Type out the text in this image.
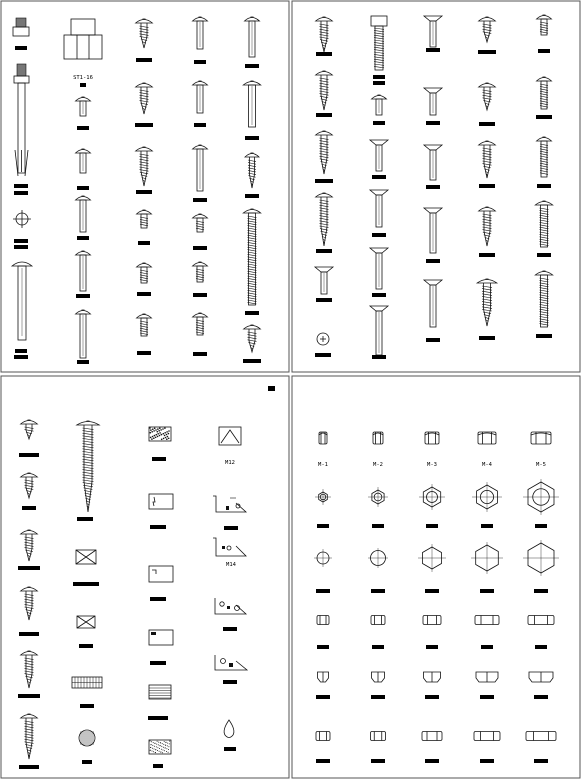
ST1-16
M12
M14
M-1	M-2	M-3	M-4	M-5
